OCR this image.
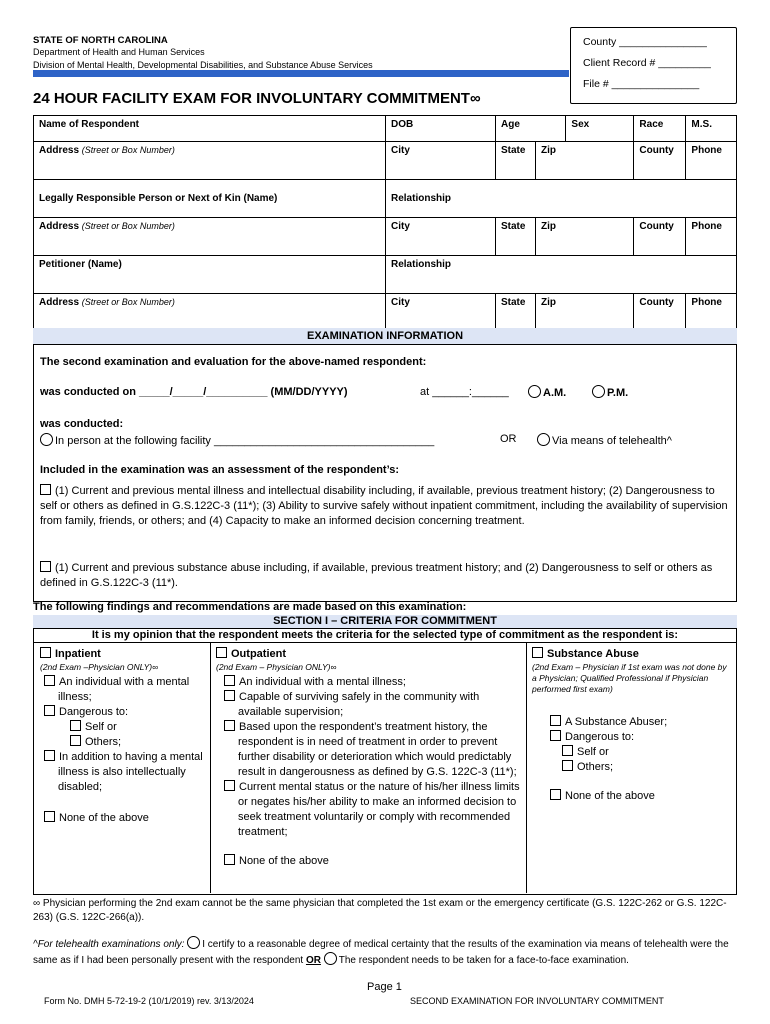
STATE OF NORTH CAROLINA
Department of Health and Human Services
Division of Mental Health, Developmental Disabilities, and Substance Abuse Services
County _______________
Client Record # _________
File # _______________
24 HOUR FACILITY EXAM FOR INVOLUNTARY COMMITMENT∞
Name of Respondent	DOB	Age		Sex	Race	M.S.
Address (Street or Box Number)	City	State	Zip		County	Phone
Legally Responsible Person or Next of Kin (Name)	Relationship					
Address (Street or Box Number)	City	State	Zip		County	Phone
Petitioner (Name)	Relationship					
Address (Street or Box Number)	City	State	Zip		County	Phone
EXAMINATION INFORMATION
The second examination and evaluation for the above-named respondent:
was conducted on _____/_____/__________ (MM/DD/YYYY)	at ______:______	A.M.	P.M.
was conducted:
In person at the following facility ____________________________________	OR	Via means of telehealth^
Included in the examination was an assessment of the respondent’s:
(1) Current and previous mental illness and intellectual disability including, if available, previous treatment history; (2) Dangerousness to self or others as defined in G.S.122C-3 (11*); (3) Ability to survive safely without inpatient commitment, including the availability of supervision from family, friends, or others; and (4) Capacity to make an informed decision concerning treatment.
(1) Current and previous substance abuse including, if available, previous treatment history; and (2) Dangerousness to self or others as defined in G.S.122C-3 (11*).
The following findings and recommendations are made based on this examination:
SECTION I – CRITERIA FOR COMMITMENT
It is my opinion that the respondent meets the criteria for the selected type of commitment as the respondent is:
Inpatient
(2nd Exam –Physician ONLY)∞
An individual with a mental illness;
Dangerous to:
Self or
Others;
In addition to having a mental illness is also intellectually disabled;
None of the above
Outpatient
(2nd Exam – Physician ONLY)∞
An individual with a mental illness;
Capable of surviving safely in the community with available supervision;
Based upon the respondent’s treatment history, the respondent is in need of treatment in order to prevent further disability or deterioration which would predictably result in dangerousness as defined by G.S. 122C-3 (11*);
Current mental status or the nature of his/her illness limits or negates his/her ability to make an informed decision to seek treatment voluntarily or comply with recommended treatment;
None of the above
Substance Abuse
(2nd Exam – Physician if 1st exam was not done by a Physician; Qualified Professional if Physician performed first exam)
A Substance Abuser;
Dangerous to:
Self or
Others;
None of the above
∞ Physician performing the 2nd exam cannot be the same physician that completed the 1st exam or the emergency certificate (G.S. 122C-262 or G.S. 122C-263) (G.S. 122C-266(a)).
^For telehealth examinations only: I certify to a reasonable degree of medical certainty that the results of the examination via means of telehealth were the same as if I had been personally present with the respondent OR The respondent needs to be taken for a face-to-face examination.
Page 1
Form No. DMH 5-72-19-2 (10/1/2019) rev. 3/13/2024	SECOND EXAMINATION FOR INVOLUNTARY COMMITMENT
